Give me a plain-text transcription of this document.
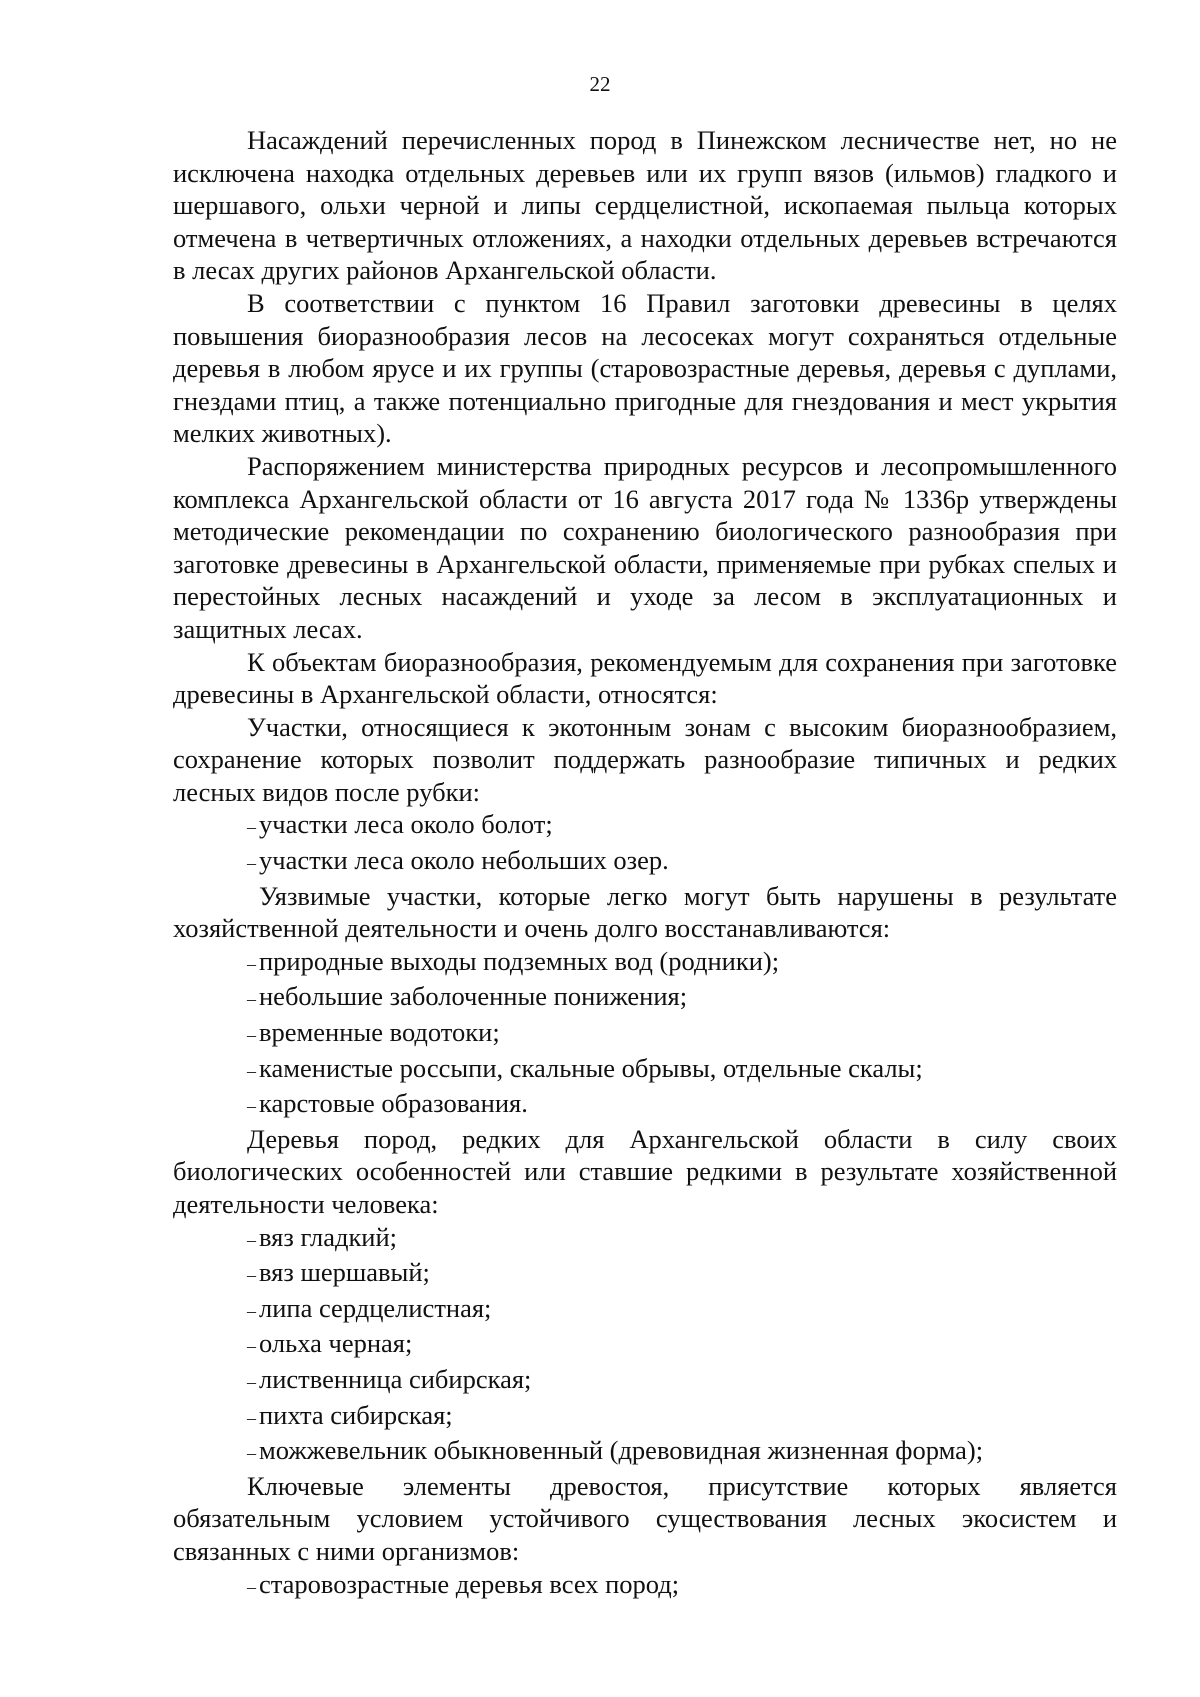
22

Насаждений перечисленных пород в Пинежском лесничестве нет, но не исключена находка отдельных деревьев или их групп вязов (ильмов) гладкого и шершавого, ольхи черной и липы сердцелистной, ископаемая пыльца которых отмечена в четвертичных отложениях, а находки отдельных деревьев встречаются в лесах других районов Архангельской области.

В соответствии с пунктом 16 Правил заготовки древесины в целях повышения биоразнообразия лесов на лесосеках могут сохраняться отдельные деревья в любом ярусе и их группы (старовозрастные деревья, деревья с дуплами, гнездами птиц, а также потенциально пригодные для гнездования и мест укрытия мелких животных).

Распоряжением министерства природных ресурсов и лесопромышленного комплекса Архангельской области от 16 августа 2017 года № 1336р утверждены методические рекомендации по сохранению биологического разнообразия при заготовке древесины в Архангельской области, применяемые при рубках спелых и перестойных лесных насаждений и уходе за лесом в эксплуатационных и защитных лесах.

К объектам биоразнообразия, рекомендуемым для сохранения при заготовке древесины в Архангельской области, относятся:

Участки, относящиеся к экотонным зонам с высоким биоразнообразием, сохранение которых позволит поддержать разнообразие типичных и редких лесных видов после рубки:

– участки леса около болот;
– участки леса около небольших озер.

Уязвимые участки, которые легко могут быть нарушены в результате хозяйственной деятельности и очень долго восстанавливаются:

– природные выходы подземных вод (родники);
– небольшие заболоченные понижения;
– временные водотоки;
– каменистые россыпи, скальные обрывы, отдельные скалы;
– карстовые образования.

Деревья пород, редких для Архангельской области в силу своих биологических особенностей или ставшие редкими в результате хозяйственной деятельности человека:

– вяз гладкий;
– вяз шершавый;
– липа сердцелистная;
– ольха черная;
– лиственница сибирская;
– пихта сибирская;
– можжевельник обыкновенный (древовидная жизненная форма);

Ключевые элементы древостоя, присутствие которых является обязательным условием устойчивого существования лесных экосистем и связанных с ними организмов:

– старовозрастные деревья всех пород;
